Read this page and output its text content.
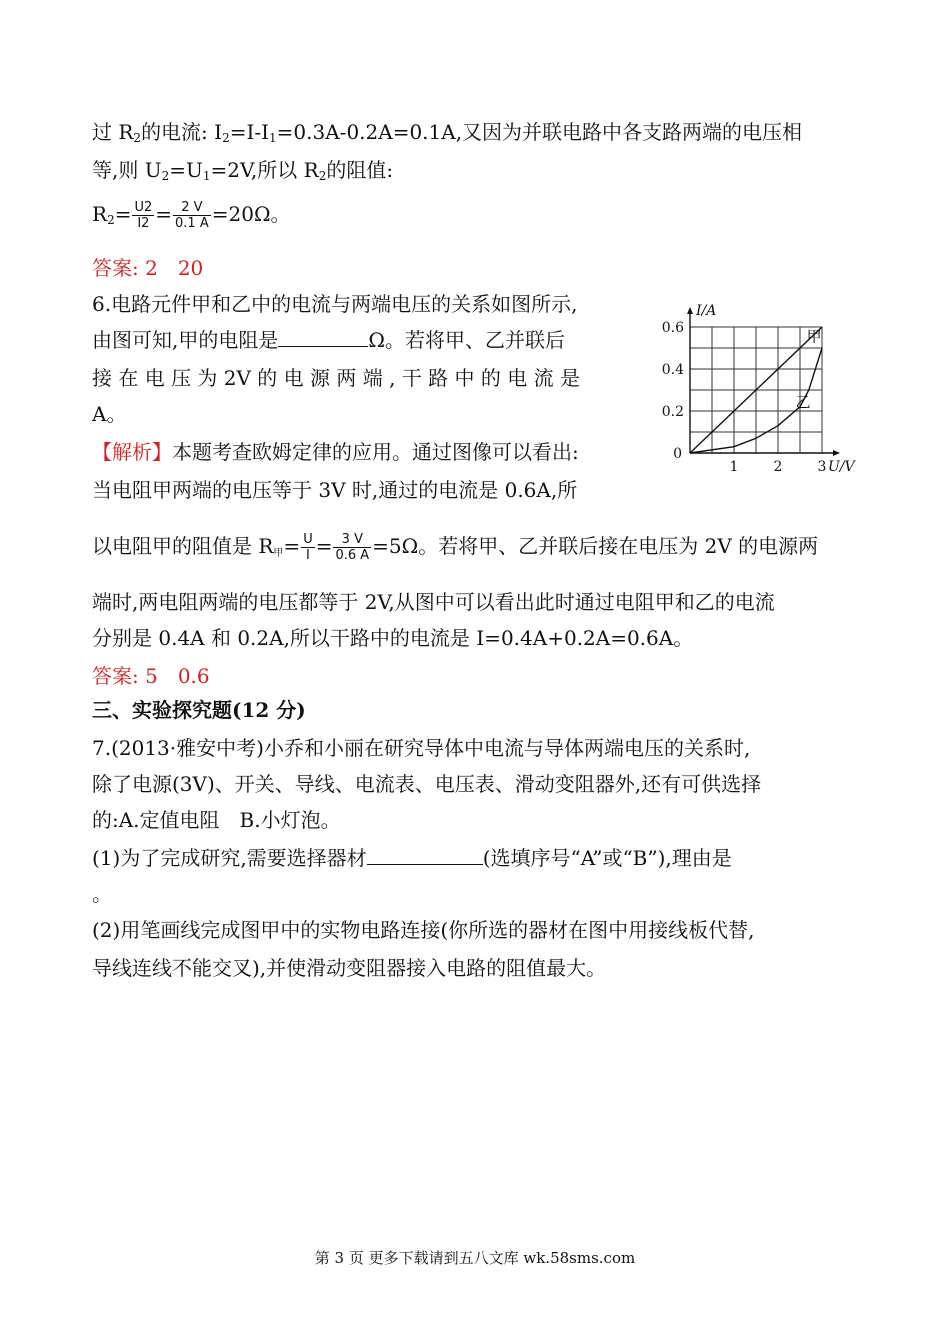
过 $R_2$的电流: $I_2=I-I_1=0.3A-0.2A=0.1A$,又因为并联电路中各支路两端的电压相
等,则 $U_2=U_1=2V$,所以 $R_2$的阻值:
$R_2= \frac{U2}{I2} = \frac{2 V}{0.1 A} =20\Omega$。
答案: 2　20
6.电路元件甲和乙中的电流与两端电压的关系如图所示,
由图可知,甲的电阻是	Ω。若将甲、乙并联后
接 在 电 压 为 2V 的 电 源 两 端 , 干 路 中 的 电 流 是
A。
【解析】本题考查欧姆定律的应用。通过图像可以看出:
当电阻甲两端的电压等于 3V 时,通过的电流是 0.6A,所
以电阻甲的阻值是 R甲= $\frac{U}{I} = \frac{3 V}{0.6 A} =5\Omega$。若将甲、乙并联后接在电压为 2V 的电源两
端时,两电阻两端的电压都等于 2V,从图中可以看出此时通过电阻甲和乙的电流
分别是 0.4A 和 0.2A,所以干路中的电流是 I=0.4A+0.2A=0.6A。
答案: 5　0.6
三、实验探究题(12 分)
7.(2013·雅安中考)小乔和小丽在研究导体中电流与导体两端电压的关系时,
除了电源(3V)、开关、导线、电流表、电压表、滑动变阻器外,还有可供选择
的:A.定值电阻　B.小灯泡。
(1)为了完成研究,需要选择器材	(选填序号“A”或“B”),理由是
。
(2)用笔画线完成图甲中的实物电路连接(你所选的器材在图中用接线板代替,
导线连线不能交叉),并使滑动变阻器接入电路的阻值最大。
甲
乙
1	2	3
0.2
0.4
0.6
0
U/V
I/A
第 3 页 更多下载请到五八文库 wk.58sms.com
